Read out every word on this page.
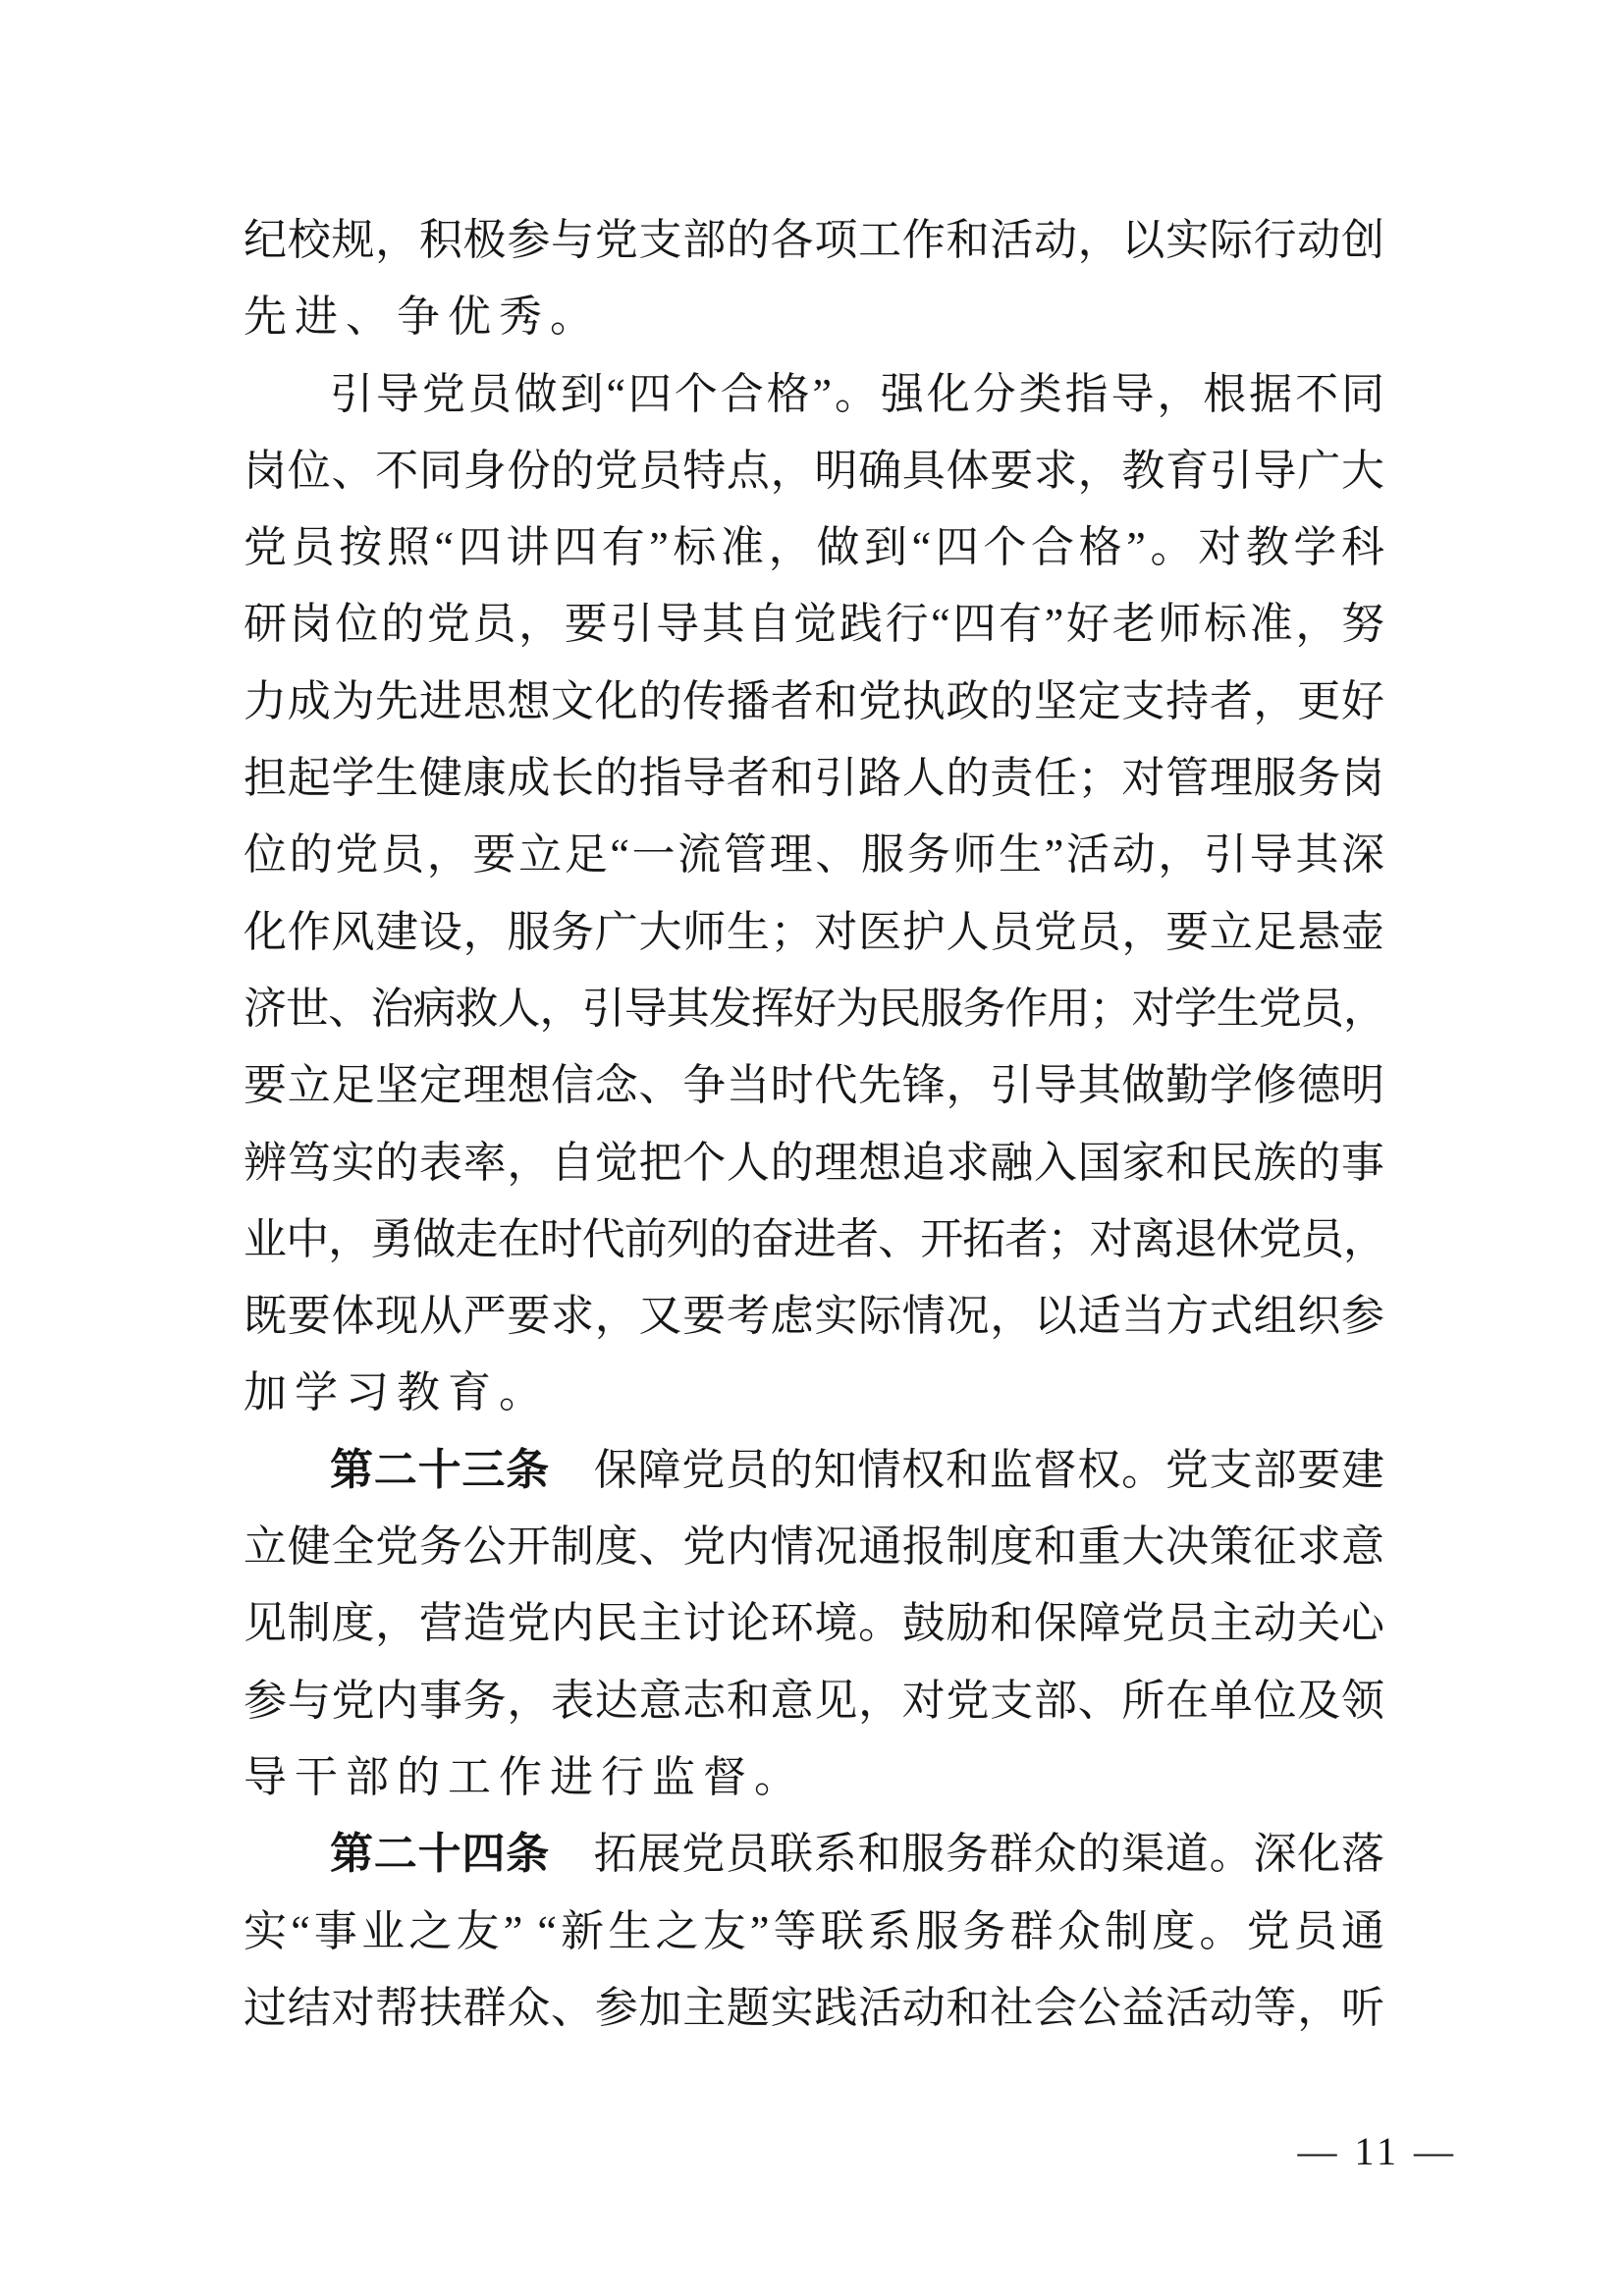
纪校规，积极参与党支部的各项工作和活动，以实际行动创
先进、争优秀。
引导党员做到“四个合格”。强化分类指导，根据不同
岗位、不同身份的党员特点，明确具体要求，教育引导广大
党员按照“四讲四有”标准，做到“四个合格”。对教学科
研岗位的党员，要引导其自觉践行“四有”好老师标准，努
力成为先进思想文化的传播者和党执政的坚定支持者，更好
担起学生健康成长的指导者和引路人的责任；对管理服务岗
位的党员，要立足“一流管理、服务师生”活动，引导其深
化作风建设，服务广大师生；对医护人员党员，要立足悬壶
济世、治病救人，引导其发挥好为民服务作用；对学生党员，
要立足坚定理想信念、争当时代先锋，引导其做勤学修德明
辨笃实的表率，自觉把个人的理想追求融入国家和民族的事
业中，勇做走在时代前列的奋进者、开拓者；对离退休党员，
既要体现从严要求，又要考虑实际情况，以适当方式组织参
加学习教育。
第二十三条 保障党员的知情权和监督权。党支部要建
立健全党务公开制度、党内情况通报制度和重大决策征求意
见制度，营造党内民主讨论环境。鼓励和保障党员主动关心
参与党内事务，表达意志和意见，对党支部、所在单位及领
导干部的工作进行监督。
第二十四条 拓展党员联系和服务群众的渠道。深化落
实“事业之友” “新生之友”等联系服务群众制度。党员通
过结对帮扶群众、参加主题实践活动和社会公益活动等，听
— 11 —
